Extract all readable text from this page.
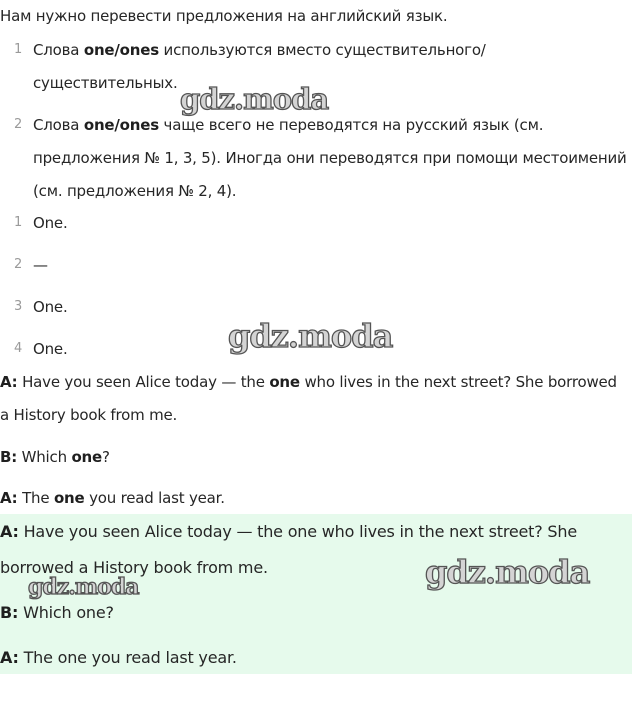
Нам нужно перевести предложения на английский язык.
1 Слова one/ones используются вместо существительного/
существительных.
2 Слова one/ones чаще всего не переводятся на русский язык (см.
предложения № 1, 3, 5). Иногда они переводятся при помощи местоимений
(см. предложения № 2, 4).
1 One.
2 —
3 One.
4 One.
A: Have you seen Alice today — the one who lives in the next street? She borrowed
a History book from me.
B: Which one?
A: The one you read last year.
A: Have you seen Alice today — the one who lives in the next street? She
borrowed a History book from me.
B: Which one?
A: The one you read last year.
gdz.moda
gdz.moda
gdz.moda
gdz.moda
